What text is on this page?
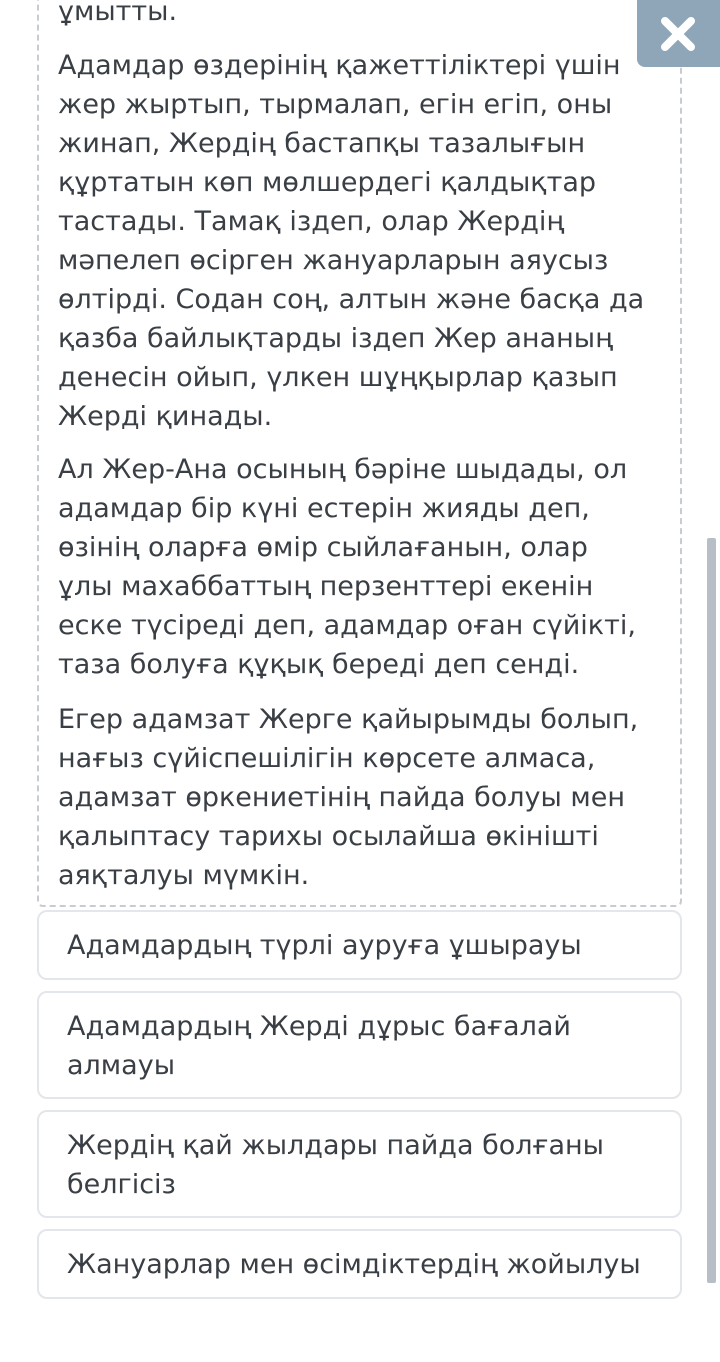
ұмытты.

Адамдар өздерінің қажеттіліктері үшін
жер жыртып, тырмалап, егін егіп, оны
жинап, Жердің бастапқы тазалығын
құртатын көп мөлшердегі қалдықтар
тастады. Тамақ іздеп, олар Жердің
мәпелеп өсірген жануарларын аяусыз
өлтірді. Содан соң, алтын және басқа да
қазба байлықтарды іздеп Жер ананың
денесін ойып, үлкен шұңқырлар қазып
Жерді қинады.

Ал Жер-Ана осының бәріне шыдады, ол
адамдар бір күні естерін жияды деп,
өзінің оларға өмір сыйлағанын, олар
ұлы махаббаттың перзенттері екенін
еске түсіреді деп, адамдар оған сүйікті,
таза болуға құқық береді деп сенді.

Егер адамзат Жерге қайырымды болып,
нағыз сүйіспешілігін көрсете алмаса,
адамзат өркениетінің пайда болуы мен
қалыптасу тарихы осылайша өкінішті
аяқталуы мүмкін.

Адамдардың түрлі ауруға ұшырауы
Адамдардың Жерді дұрыс бағалай
алмауы
Жердің қай жылдары пайда болғаны
белгісіз
Жануарлар мен өсімдіктердің жойылуы
